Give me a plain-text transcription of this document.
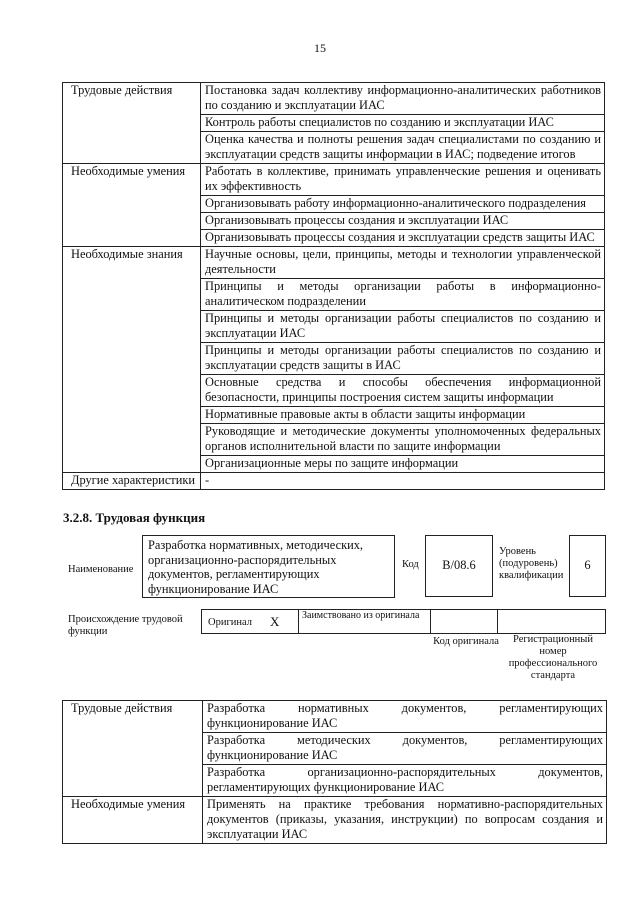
15
Трудовые действия	Постановка задач коллективу информационно-аналитических работников по созданию и эксплуатации ИАС
	Контроль работы специалистов по созданию и эксплуатации ИАС
	Оценка качества и полноты решения задач специалистами по созданию и эксплуатации средств защиты информации в ИАС; подведение итогов
Необходимые умения	Работать в коллективе, принимать управленческие решения и оценивать их эффективность
	Организовывать работу информационно-аналитического подразделения
	Организовывать процессы создания и эксплуатации ИАС
	Организовывать процессы создания и эксплуатации средств защиты ИАС
Необходимые знания	Научные основы, цели, принципы, методы и технологии управленческой деятельности
	Принципы и методы организации работы в информационно-аналитическом подразделении
	Принципы и методы организации работы специалистов по созданию и эксплуатации ИАС
	Принципы и методы организации работы специалистов по созданию и эксплуатации средств защиты в ИАС
	Основные средства и способы обеспечения информационной безопасности, принципы построения систем защиты информации
	Нормативные правовые акты в области защиты информации
	Руководящие и методические документы уполномоченных федеральных органов исполнительной власти по защите информации
	Организационные меры по защите информации
Другие характеристики	-
3.2.8. Трудовая функция
Наименование
Разработка нормативных, методических, организационно-распорядительных документов, регламентирующих функционирование ИАС
Код	B/08.6
Уровень (подуровень) квалификации
6
Происхождение трудовой функции
Оригинал X Заимствовано из оригинала
Код оригинала	Регистрационный номер профессионального стандарта
Трудовые действия	Разработка нормативных документов, регламентирующих функционирование ИАС
	Разработка методических документов, регламентирующих функционирование ИАС
	Разработка организационно-распорядительных документов, регламентирующих функционирование ИАС
Необходимые умения	Применять на практике требования нормативно-распорядительных документов (приказы, указания, инструкции) по вопросам создания и эксплуатации ИАС
